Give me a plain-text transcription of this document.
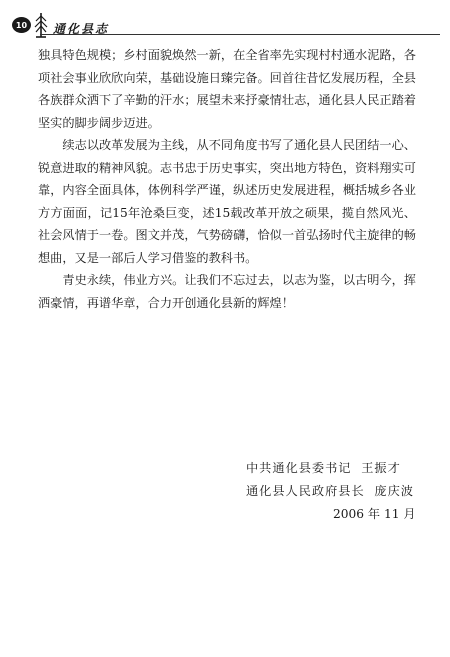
10	通化县志

独具特色规模；乡村面貌焕然一新，在全省率先实现村村通水泥路，各项社会事业欣欣向荣，基础设施日臻完备。回首往昔忆发展历程，全县各族群众洒下了辛勤的汗水；展望未来抒豪情壮志，通化县人民正踏着坚实的脚步阔步迈进。

续志以改革发展为主线，从不同角度书写了通化县人民团结一心、锐意进取的精神风貌。志书忠于历史事实，突出地方特色，资料翔实可靠，内容全面具体，体例科学严谨，纵述历史发展进程，概括城乡各业方方面面，记15年沧桑巨变，述15载改革开放之硕果，揽自然风光、社会风情于一卷。图文并茂，气势磅礴，恰似一首弘扬时代主旋律的畅想曲，又是一部后人学习借鉴的教科书。

青史永续，伟业方兴。让我们不忘过去，以志为鉴，以古明今，挥洒豪情，再谱华章，合力开创通化县新的辉煌！

中共通化县委书记  王振才
通化县人民政府县长  庞庆波
2006 年 11 月
